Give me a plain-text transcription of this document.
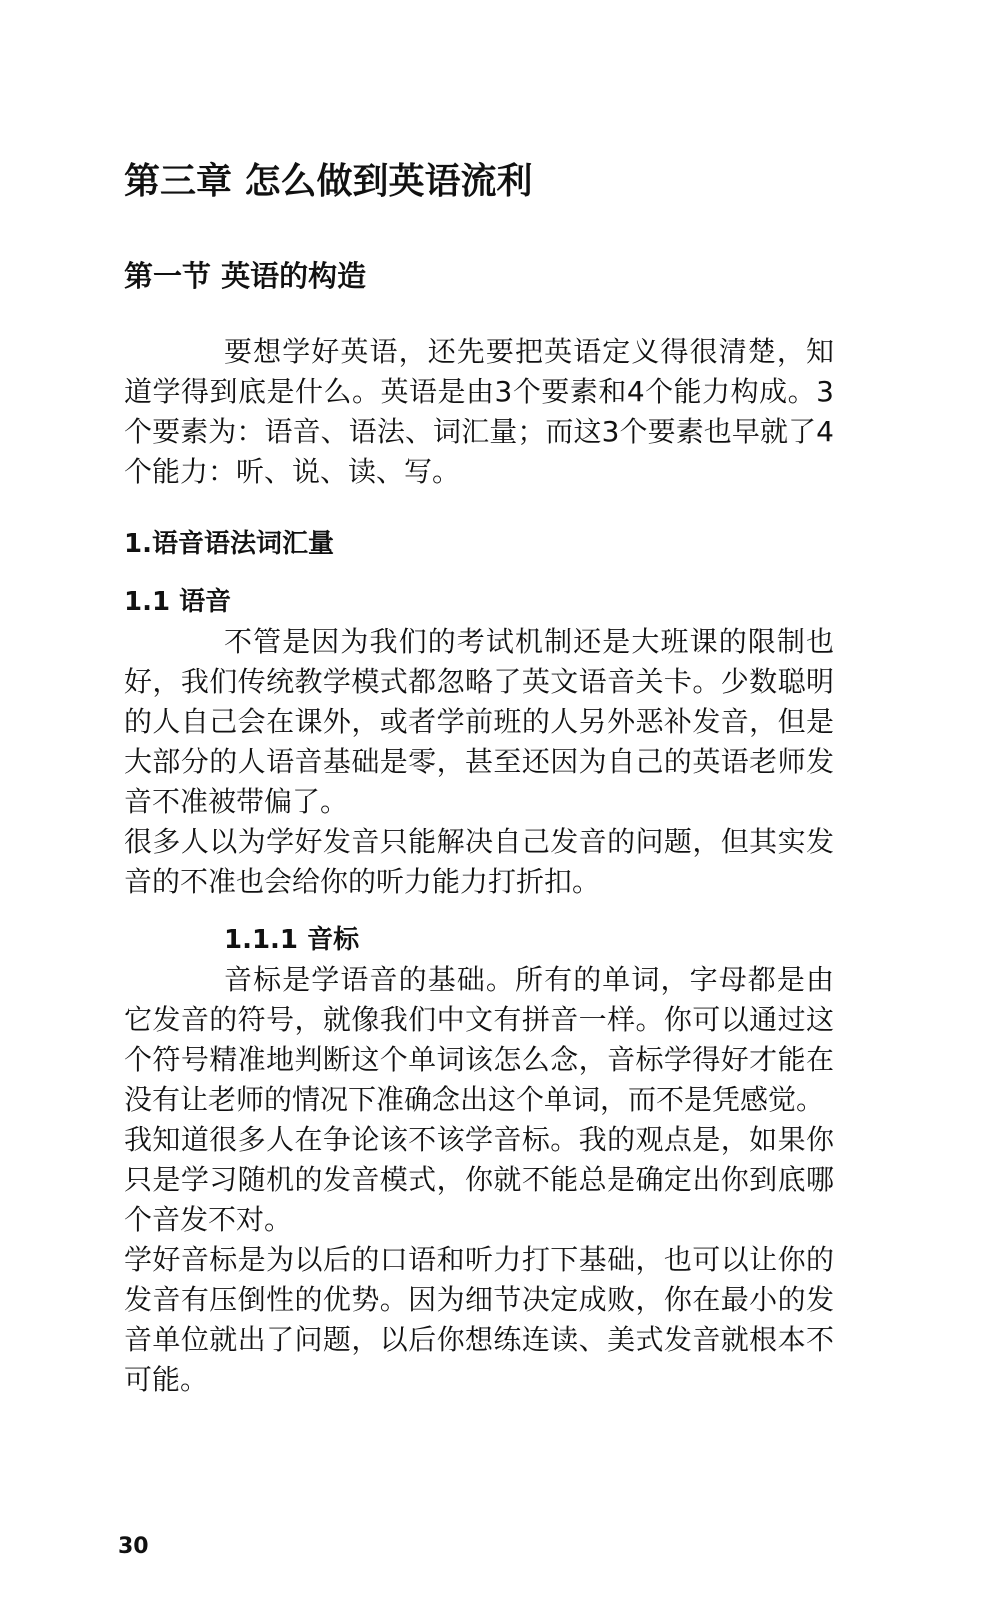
第三章 怎么做到英语流利
第一节 英语的构造

要想学好英语，还先要把英语定义得很清楚，知道学得到底是什么。英语是由3个要素和4个能力构成。3个要素为：语音、语法、词汇量；而这3个要素也早就了4个能力：听、说、读、写。

1.语音语法词汇量
1.1 语音

不管是因为我们的考试机制还是大班课的限制也好，我们传统教学模式都忽略了英文语音关卡。少数聪明的人自己会在课外，或者学前班的人另外恶补发音，但是大部分的人语音基础是零，甚至还因为自己的英语老师发音不准被带偏了。

很多人以为学好发音只能解决自己发音的问题，但其实发音的不准也会给你的听力能力打折扣。

1.1.1 音标

音标是学语音的基础。所有的单词，字母都是由它发音的符号，就像我们中文有拼音一样。你可以通过这个符号精准地判断这个单词该怎么念，音标学得好才能在没有让老师的情况下准确念出这个单词，而不是凭感觉。

我知道很多人在争论该不该学音标。我的观点是，如果你只是学习随机的发音模式，你就不能总是确定出你到底哪个音发不对。

学好音标是为以后的口语和听力打下基础，也可以让你的发音有压倒性的优势。因为细节决定成败，你在最小的发音单位就出了问题，以后你想练连读、美式发音就根本不可能。

30
